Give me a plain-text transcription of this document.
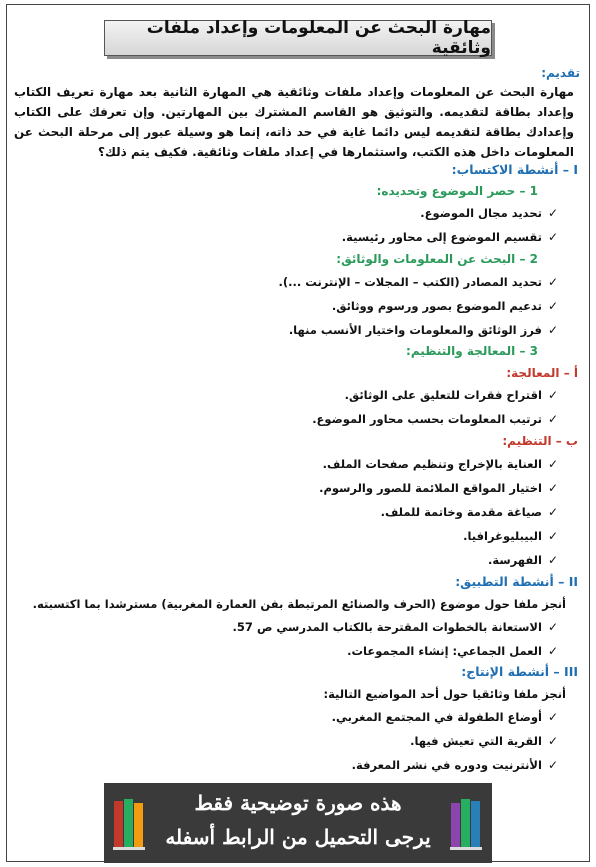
مهارة البحث عن المعلومات وإعداد ملفات وثائقية
تقديم:
مهارة البحث عن المعلومات وإعداد ملفات وثائقية هي المهارة الثانية بعد مهارة تعريف الكتاب وإعداد بطاقة لتقديمه. والتوثيق هو القاسم المشترك بين المهارتين. وإن تعرفك على الكتاب وإعدادك بطاقة لتقديمه ليس دائما غاية في حد ذاته، إنما هو وسيلة عبور إلى مرحلة البحث عن المعلومات داخل هذه الكتب، واستثمارها في إعداد ملفات وثائقية. فكيف يتم ذلك؟
I – أنشطة الاكتساب:
1 – حصر الموضوع وتحديده:
✓
تحديد مجال الموضوع.
✓
تقسيم الموضوع إلى محاور رئيسية.
2 – البحث عن المعلومات والوثائق:
✓
تحديد المصادر (الكتب – المجلات – الإنترنت ...).
✓
تدعيم الموضوع بصور ورسوم ووثائق.
✓
فرز الوثائق والمعلومات واختيار الأنسب منها.
3 – المعالجة والتنظيم:
أ – المعالجة:
✓
اقتراح فقرات للتعليق على الوثائق.
✓
ترتيب المعلومات بحسب محاور الموضوع.
ب – التنظيم:
✓
العناية بالإخراج وتنظيم صفحات الملف.
✓
اختيار المواقع الملائمة للصور والرسوم.
✓
صياغة مقدمة وخاتمة للملف.
✓
البيبليوغرافيا.
✓
الفهرسة.
II – أنشطة التطبيق:
أنجز ملفا حول موضوع (الحرف والصنائع المرتبطة بفن العمارة المغربية) مسترشدا بما اكتسبته.
✓
الاستعانة بالخطوات المقترحة بالكتاب المدرسي ص 57.
✓
العمل الجماعي: إنشاء المجموعات.
III – أنشطة الإنتاج:
أنجز ملفا وثائقيا حول أحد المواضيع التالية:
✓
أوضاع الطفولة في المجتمع المغربي.
✓
القرية التي تعيش فيها.
✓
الأنترنيت ودوره في نشر المعرفة.
هذه صورة توضيحية فقط
يرجى التحميل من الرابط أسفله
